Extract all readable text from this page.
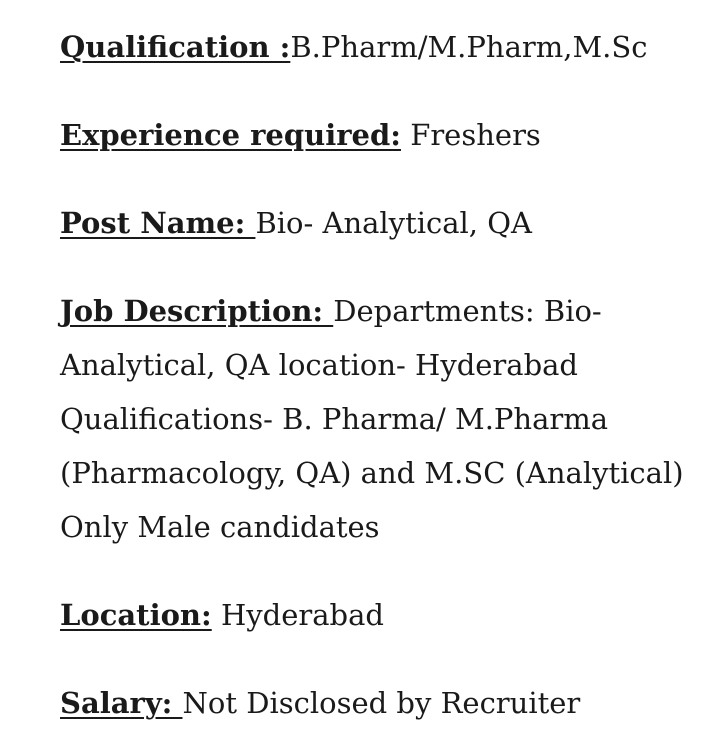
Qualification :B.Pharm/M.Pharm,M.Sc
Experience required: Freshers
Post Name: Bio- Analytical, QA
Job Description: Departments: Bio-Analytical, QA location- Hyderabad Qualifications- B. Pharma/ M.Pharma (Pharmacology, QA) and M.SC (Analytical) Only Male candidates
Location: Hyderabad
Salary: Not Disclosed by Recruiter
